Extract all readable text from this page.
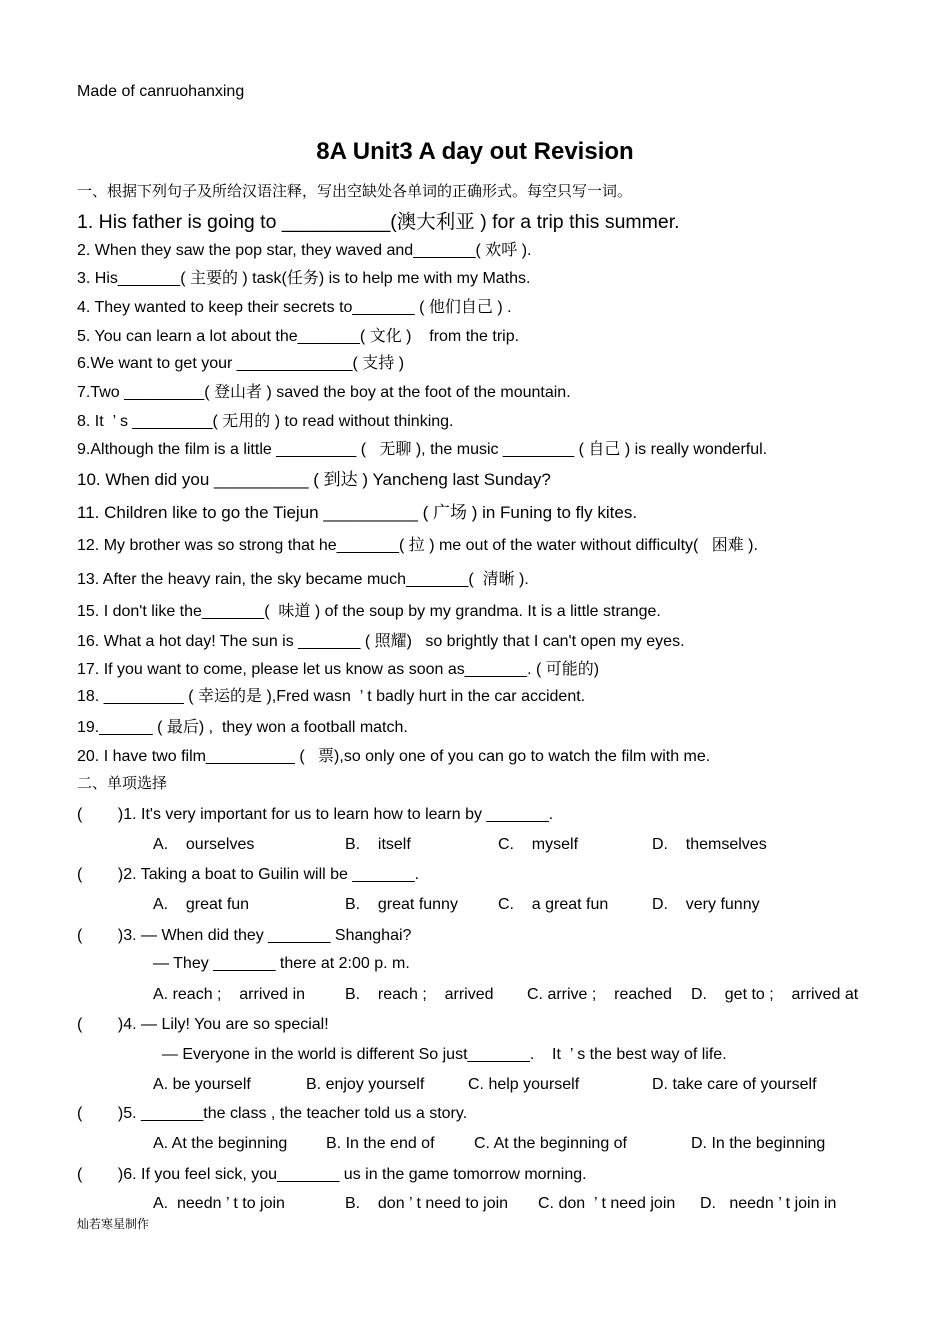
Made of canruohanxing
8A Unit3 A day out Revision
一、根据下列句子及所给汉语注释，写出空缺处各单词的正确形式。每空只写一词。
1. His father is going to __________(澳大利亚 ) for a trip this summer.
2. When they saw the pop star, they waved and_______( 欢呼 ).
3. His_______( 主要的 ) task(任务) is to help me with my Maths.
4. They wanted to keep their secrets to_______ ( 他们自己 ) .
5. You can learn a lot about the_______( 文化 )    from the trip.
6.We want to get your _____________( 支持 )
7.Two _________( 登山者 ) saved the boy at the foot of the mountain.
8. It  ’ s _________( 无用的 ) to read without thinking.
9.Although the film is a little _________ (   无聊 ), the music ________ ( 自己 ) is really wonderful.
10. When did you __________ ( 到达 ) Yancheng last Sunday?
11. Children like to go the Tiejun __________ ( 广场 ) in Funing to fly kites.
12. My brother was so strong that he_______( 拉 ) me out of the water without difficulty(   困难 ).
13. After the heavy rain, the sky became much_______(  清晰 ).
15. I don't like the_______(  味道 ) of the soup by my grandma. It is a little strange.
16. What a hot day! The sun is _______ ( 照耀)   so brightly that I can't open my eyes.
17. If you want to come, please let us know as soon as_______. ( 可能的)
18. _________ ( 幸运的是 ),Fred wasn  ’ t badly hurt in the car accident.
19.______ ( 最后) ,  they won a football match.
20. I have two film__________ (   票),so only one of you can go to watch the film with me.
二、单项选择
(        )1. It's very important for us to learn how to learn by _______.
A.    ourselves	B.    itself	C.    myself	D.    themselves
(        )2. Taking a boat to Guilin will be _______.
A.    great fun	B.    great funny	C.    a great fun	D.    very funny
(        )3. — When did they _______ Shanghai?
— They _______ there at 2:00 p. m.
A. reach ;    arrived in B.    reach ;    arrived C. arrive ;    reached D.    get to ;    arrived at
(        )4. — Lily! You are so special!
— Everyone in the world is different So just_______.    It  ’ s the best way of life.
A. be yourself	B. enjoy yourself	C. help yourself	D. take care of yourself
(        )5. _______the class , the teacher told us a story.
A. At the beginning B. In the end of C. At the beginning of	D. In the beginning
(        )6. If you feel sick, you_______ us in the game tomorrow morning.
A.  needn ’ t to join	B.    don ’ t need to join C. don  ’ t need join D.   needn ’ t join in
灿若寒星制作
